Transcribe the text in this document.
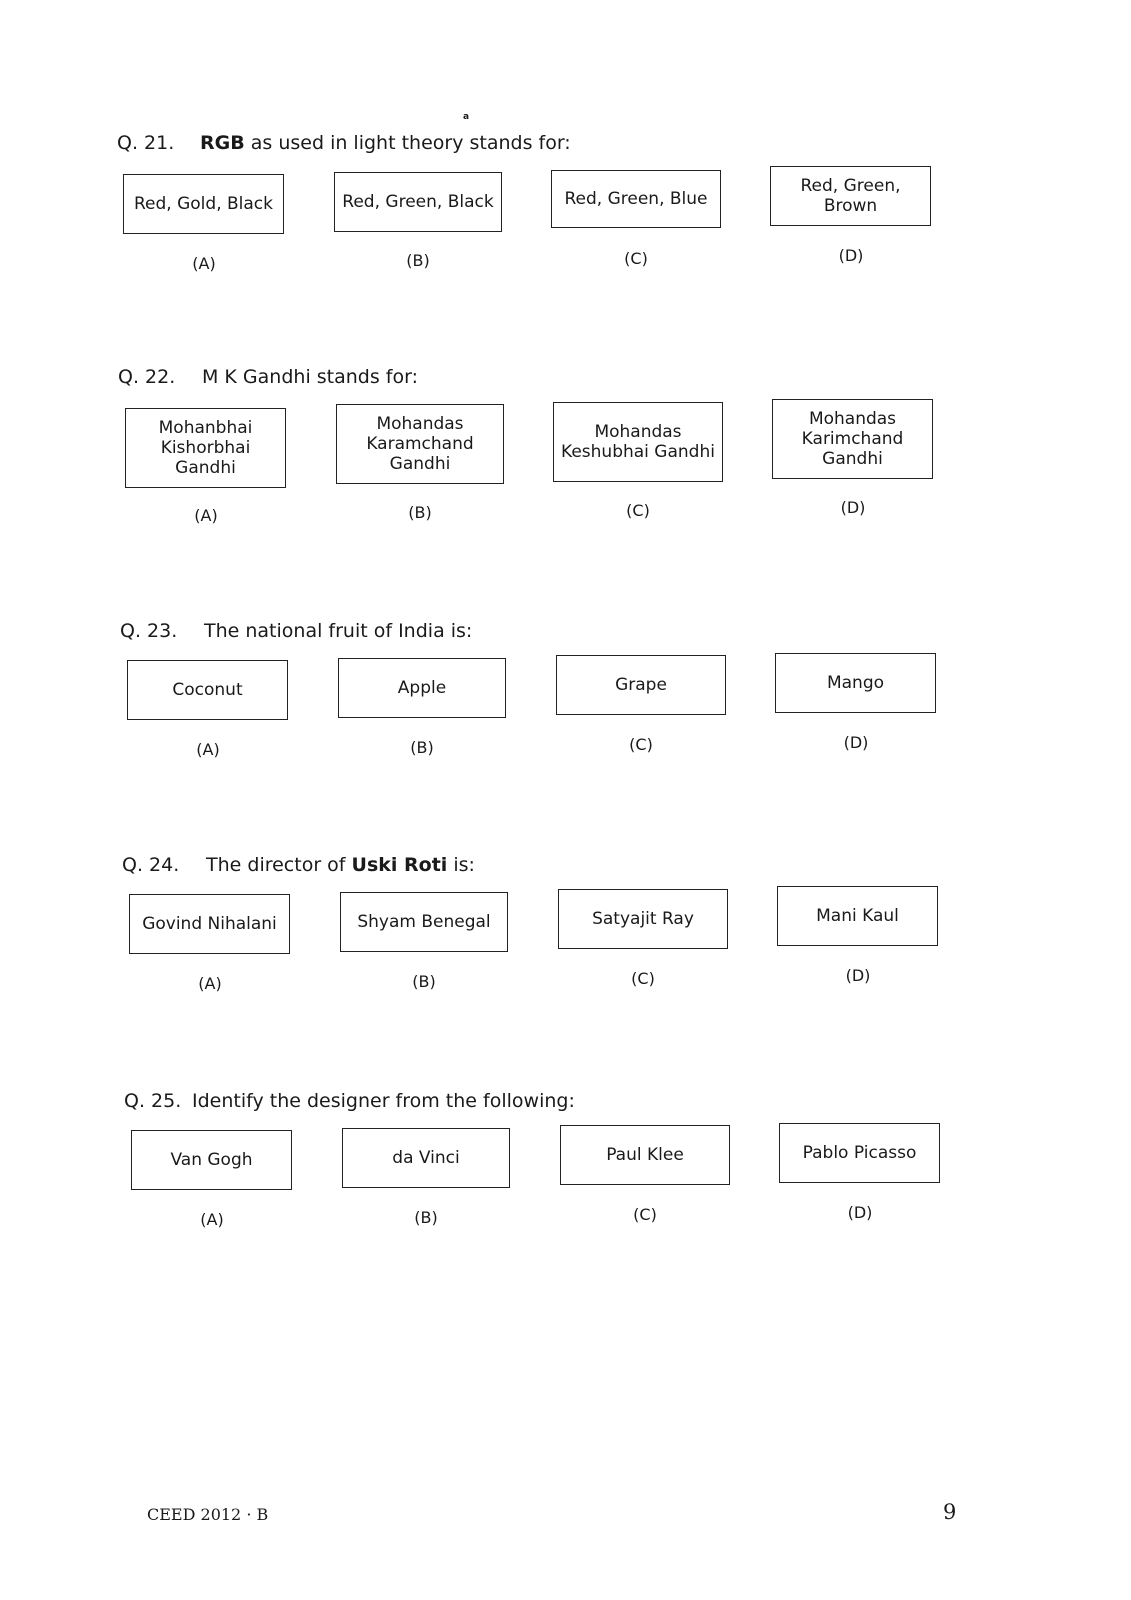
a
Q. 21. RGB as used in light theory stands for:
Red, Gold, Black	Red, Green, Black	Red, Green, Blue
Red, Green, Brown
(A)	(B)	(C)	(D)
Q. 22. M K Gandhi stands for:
Mohanbhai
Kishorbhai Gandhi
Mohandas
Karamchand
Gandhi
Mohandas
Keshubhai Gandhi
Mohandas
Karimchand
Gandhi
(A)	(B)	(C)	(D)
Q. 23. The national fruit of India is:
Coconut	Apple	Grape	Mango
(A)	(B)	(C)	(D)
Q. 24. The director of Uski Roti is:
Govind Nihalani	Shyam Benegal	Satyajit Ray	Mani Kaul
(A)	(B)	(C)	(D)
Q. 25. Identify the designer from the following:
Van Gogh	da Vinci	Paul Klee	Pablo Picasso
(A)	(B)	(C)	(D)
CEED 2012 · B	9
